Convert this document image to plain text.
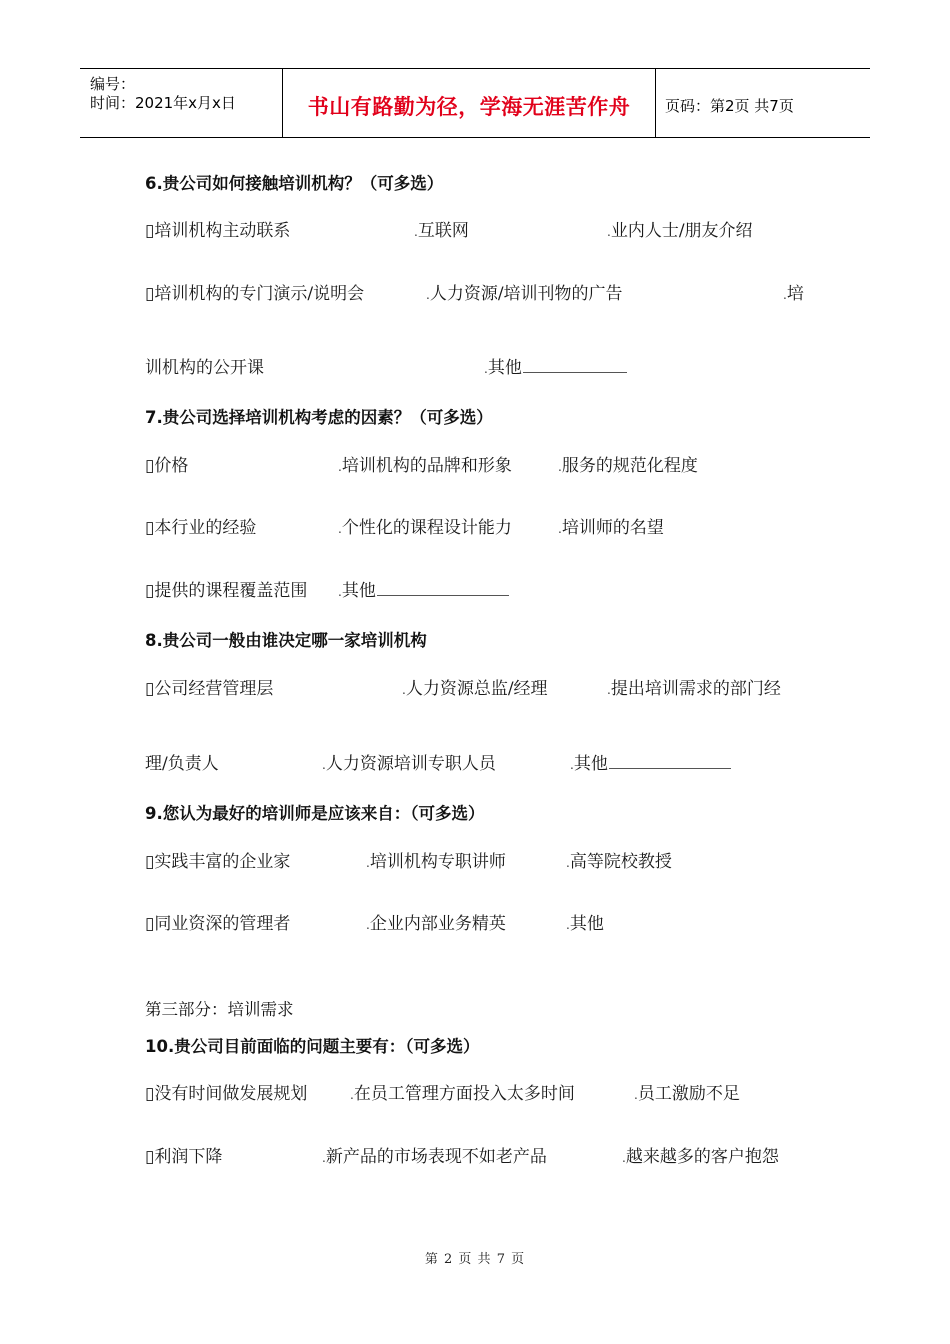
编号：
时间：2021年x月x日	书山有路勤为径，学海无涯苦作舟	页码：第2页 共7页
6.贵公司如何接触培训机构？（可多选）
▯培训机构主动联系	.互联网	.业内人士/朋友介绍
▯培训机构的专门演示/说明会	.人力资源/培训刊物的广告	.培
训机构的公开课	.其他
7.贵公司选择培训机构考虑的因素？（可多选）
▯价格	.培训机构的品牌和形象	.服务的规范化程度
▯本行业的经验	.个性化的课程设计能力	.培训师的名望
▯提供的课程覆盖范围	.其他
8.贵公司一般由谁决定哪一家培训机构
▯公司经营管理层	.人力资源总监/经理	.提出培训需求的部门经
理/负责人	.人力资源培训专职人员	.其他
9.您认为最好的培训师是应该来自：（可多选）
▯实践丰富的企业家	.培训机构专职讲师	.高等院校教授
▯同业资深的管理者	.企业内部业务精英	.其他
第三部分：培训需求
10.贵公司目前面临的问题主要有：（可多选）
▯没有时间做发展规划	.在员工管理方面投入太多时间	.员工激励不足
▯利润下降	.新产品的市场表现不如老产品	.越来越多的客户抱怨
第 2 页 共 7 页
